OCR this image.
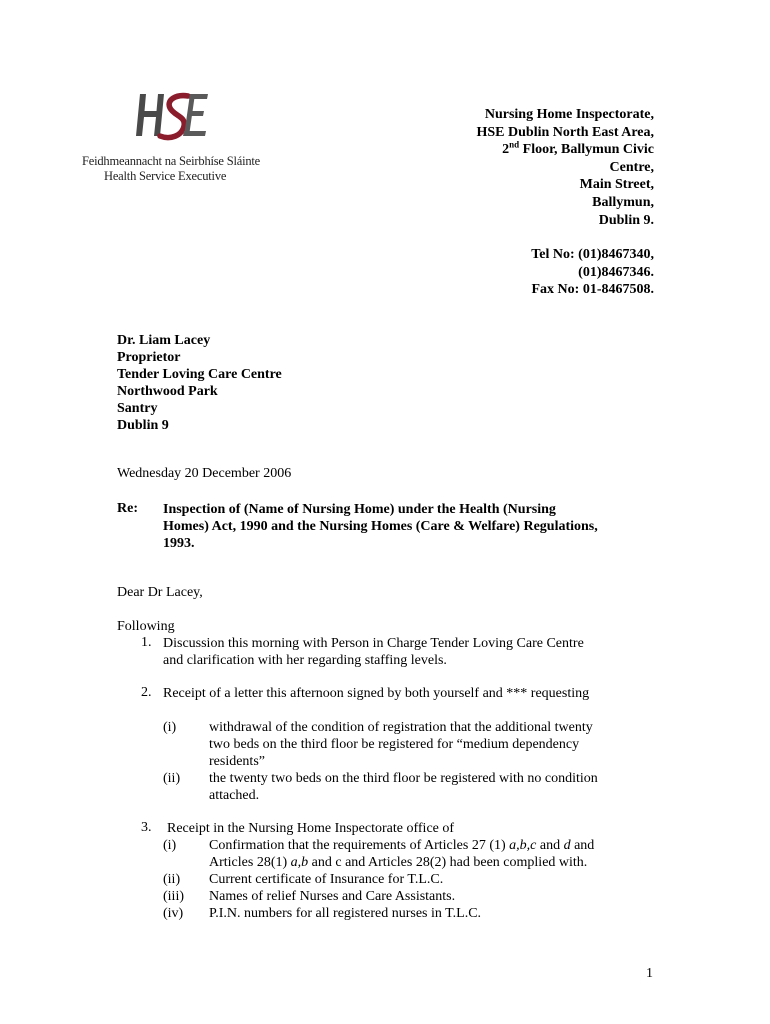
Feidhmeannacht na Seirbhíse Sláinte
Health Service Executive
Nursing Home Inspectorate,
HSE Dublin North East Area,
2nd Floor, Ballymun Civic
Centre,
Main Street,
Ballymun,
Dublin 9.
Tel No: (01)8467340,
(01)8467346.
Fax No: 01-8467508.
Dr. Liam Lacey
Proprietor
Tender Loving Care Centre
Northwood Park
Santry
Dublin 9
Wednesday 20 December 2006
Re: Inspection of (Name of Nursing Home) under the Health (Nursing
Homes) Act, 1990 and the Nursing Homes (Care & Welfare) Regulations,
1993.
Dear Dr Lacey,
Following
1. Discussion this morning with Person in Charge Tender Loving Care Centre
and clarification with her regarding staffing levels.
2. Receipt of a letter this afternoon signed by both yourself and *** requesting
(i) withdrawal of the condition of registration that the additional twenty
two beds on the third floor be registered for “medium dependency
residents”
(ii) the twenty two beds on the third floor be registered with no condition
attached.
3. Receipt in the Nursing Home Inspectorate office of
(i) Confirmation that the requirements of Articles 27 (1) a,b,c and d and
Articles 28(1) a,b and c and Articles 28(2) had been complied with.
(ii) Current certificate of Insurance for T.L.C.
(iii) Names of relief Nurses and Care Assistants.
(iv) P.I.N. numbers for all registered nurses in T.L.C.
1
